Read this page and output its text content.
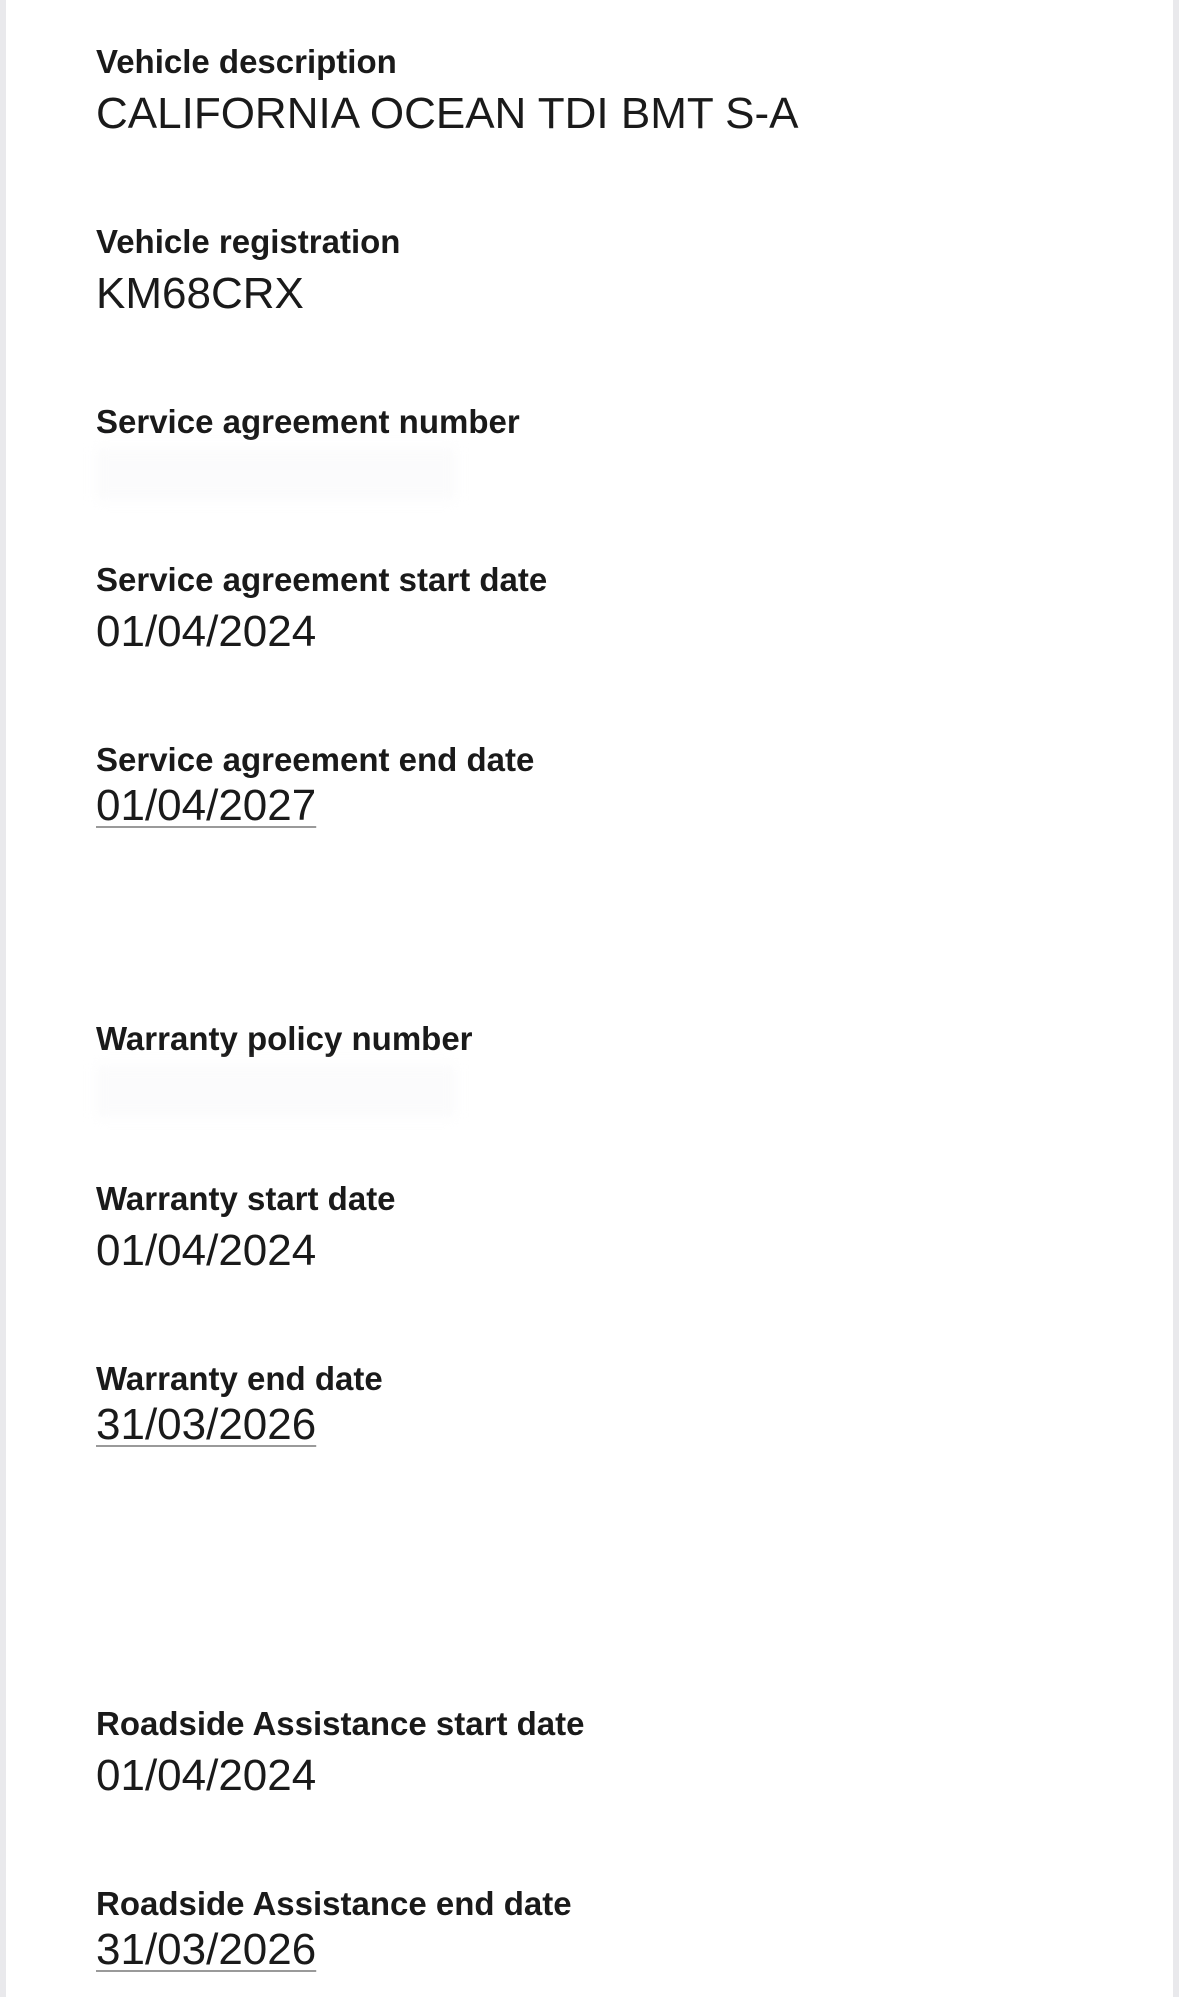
Vehicle description
CALIFORNIA OCEAN TDI BMT S-A
Vehicle registration
KM68CRX
Service agreement number
Service agreement start date
01/04/2024
Service agreement end date
01/04/2027
Warranty policy number
Warranty start date
01/04/2024
Warranty end date
31/03/2026
Roadside Assistance start date
01/04/2024
Roadside Assistance end date
31/03/2026
